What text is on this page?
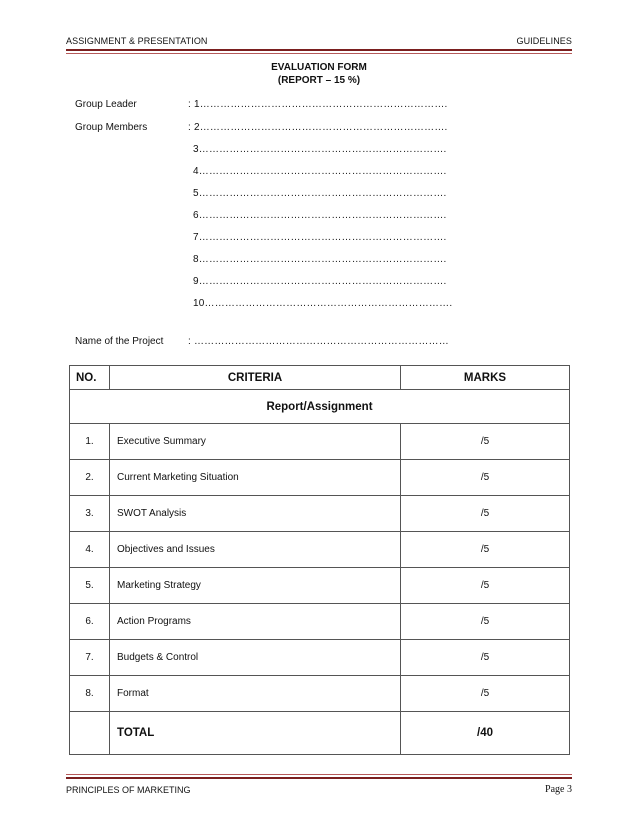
ASSIGNMENT & PRESENTATION	GUIDELINES
EVALUATION FORM
(REPORT – 15 %)
Group Leader	: 1……………………………………………………………….
Group Members	: 2……………………………………………………………….
3……………………………………………………………….
4……………………………………………………………….
5……………………………………………………………….
6……………………………………………………………….
7……………………………………………………………….
8……………………………………………………………….
9……………………………………………………………….
10……………………………………………………………….
Name of the Project : …………………………………………………………………
NO.	CRITERIA	MARKS
Report/Assignment		
1.	Executive Summary	/5
2.	Current Marketing Situation	/5
3.	SWOT Analysis	/5
4.	Objectives and Issues	/5
5.	Marketing Strategy	/5
6.	Action Programs	/5
7.	Budgets & Control	/5
8.	Format	/5
	TOTAL	/40
PRINCIPLES OF MARKETING	Page 3
